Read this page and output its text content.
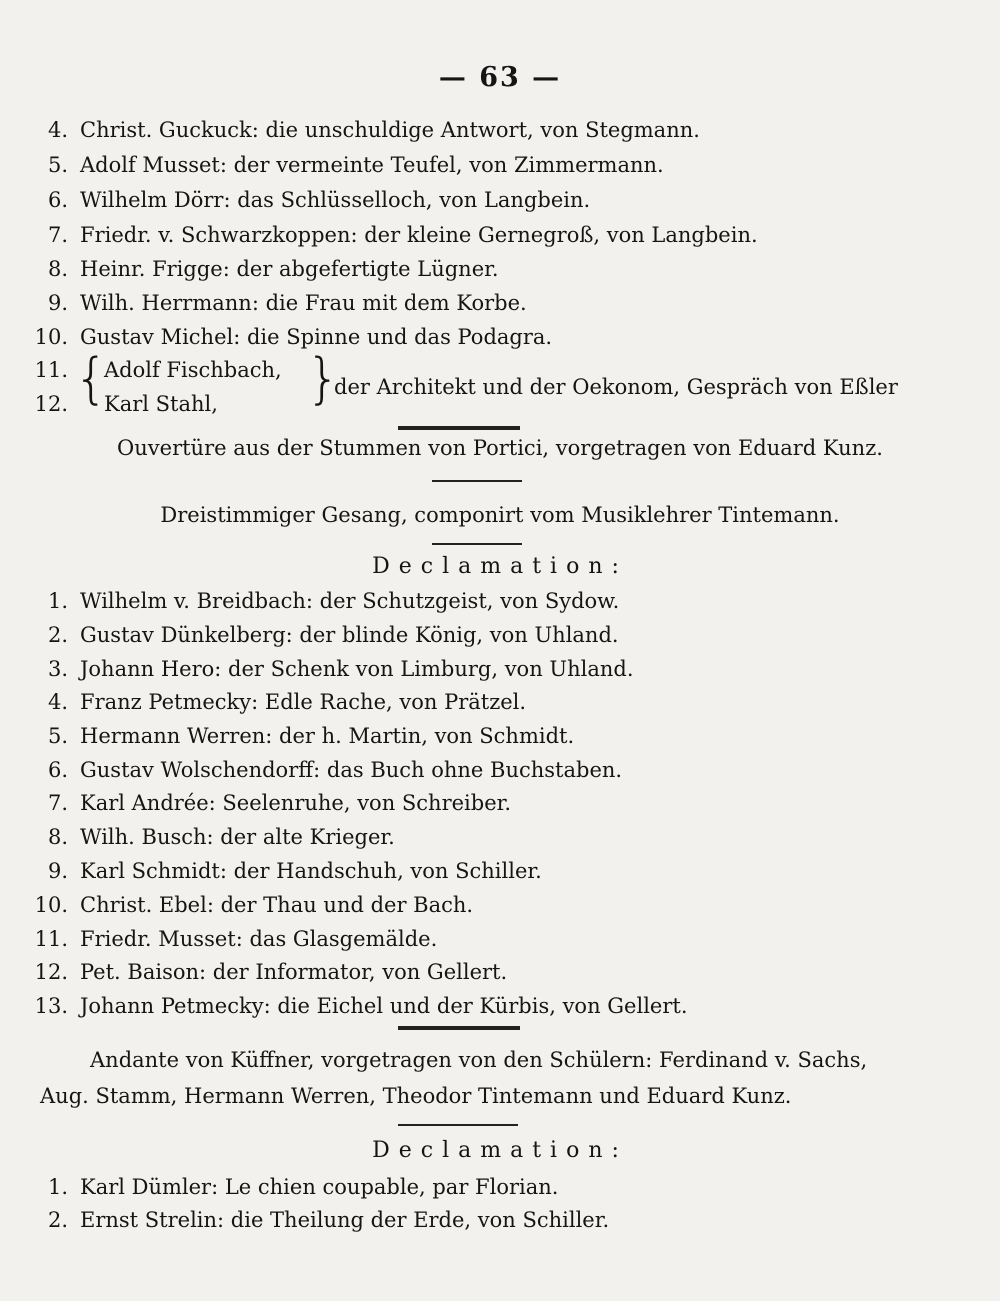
— 63 —
4. Christ. Guckuck: die unschuldige Antwort, von Stegmann.
5. Adolf Musset: der vermeinte Teufel, von Zimmermann.
6. Wilhelm Dörr: das Schlüsselloch, von Langbein.
7. Friedr. v. Schwarzkoppen: der kleine Gernegroß, von Langbein.
8. Heinr. Frigge: der abgefertigte Lügner.
9. Wilh. Herrmann: die Frau mit dem Korbe.
10. Gustav Michel: die Spinne und das Podagra.
11. Adolf Fischbach,
12. Karl Stahl,
{	}
der Architekt und der Oekonom, Gespräch von Eßler
Ouvertüre aus der Stummen von Portici, vorgetragen von Eduard Kunz.
Dreistimmiger Gesang, componirt vom Musiklehrer Tintemann.
Declamation:
1. Wilhelm v. Breidbach: der Schutzgeist, von Sydow.
2. Gustav Dünkelberg: der blinde König, von Uhland.
3. Johann Hero: der Schenk von Limburg, von Uhland.
4. Franz Petmecky: Edle Rache, von Prätzel.
5. Hermann Werren: der h. Martin, von Schmidt.
6. Gustav Wolschendorff: das Buch ohne Buchstaben.
7. Karl Andrée: Seelenruhe, von Schreiber.
8. Wilh. Busch: der alte Krieger.
9. Karl Schmidt: der Handschuh, von Schiller.
10. Christ. Ebel: der Thau und der Bach.
11. Friedr. Musset: das Glasgemälde.
12. Pet. Baison: der Informator, von Gellert.
13. Johann Petmecky: die Eichel und der Kürbis, von Gellert.
Andante von Küffner, vorgetragen von den Schülern: Ferdinand v. Sachs,
Aug. Stamm, Hermann Werren, Theodor Tintemann und Eduard Kunz.
Declamation:
1. Karl Dümler: Le chien coupable, par Florian.
2. Ernst Strelin: die Theilung der Erde, von Schiller.
